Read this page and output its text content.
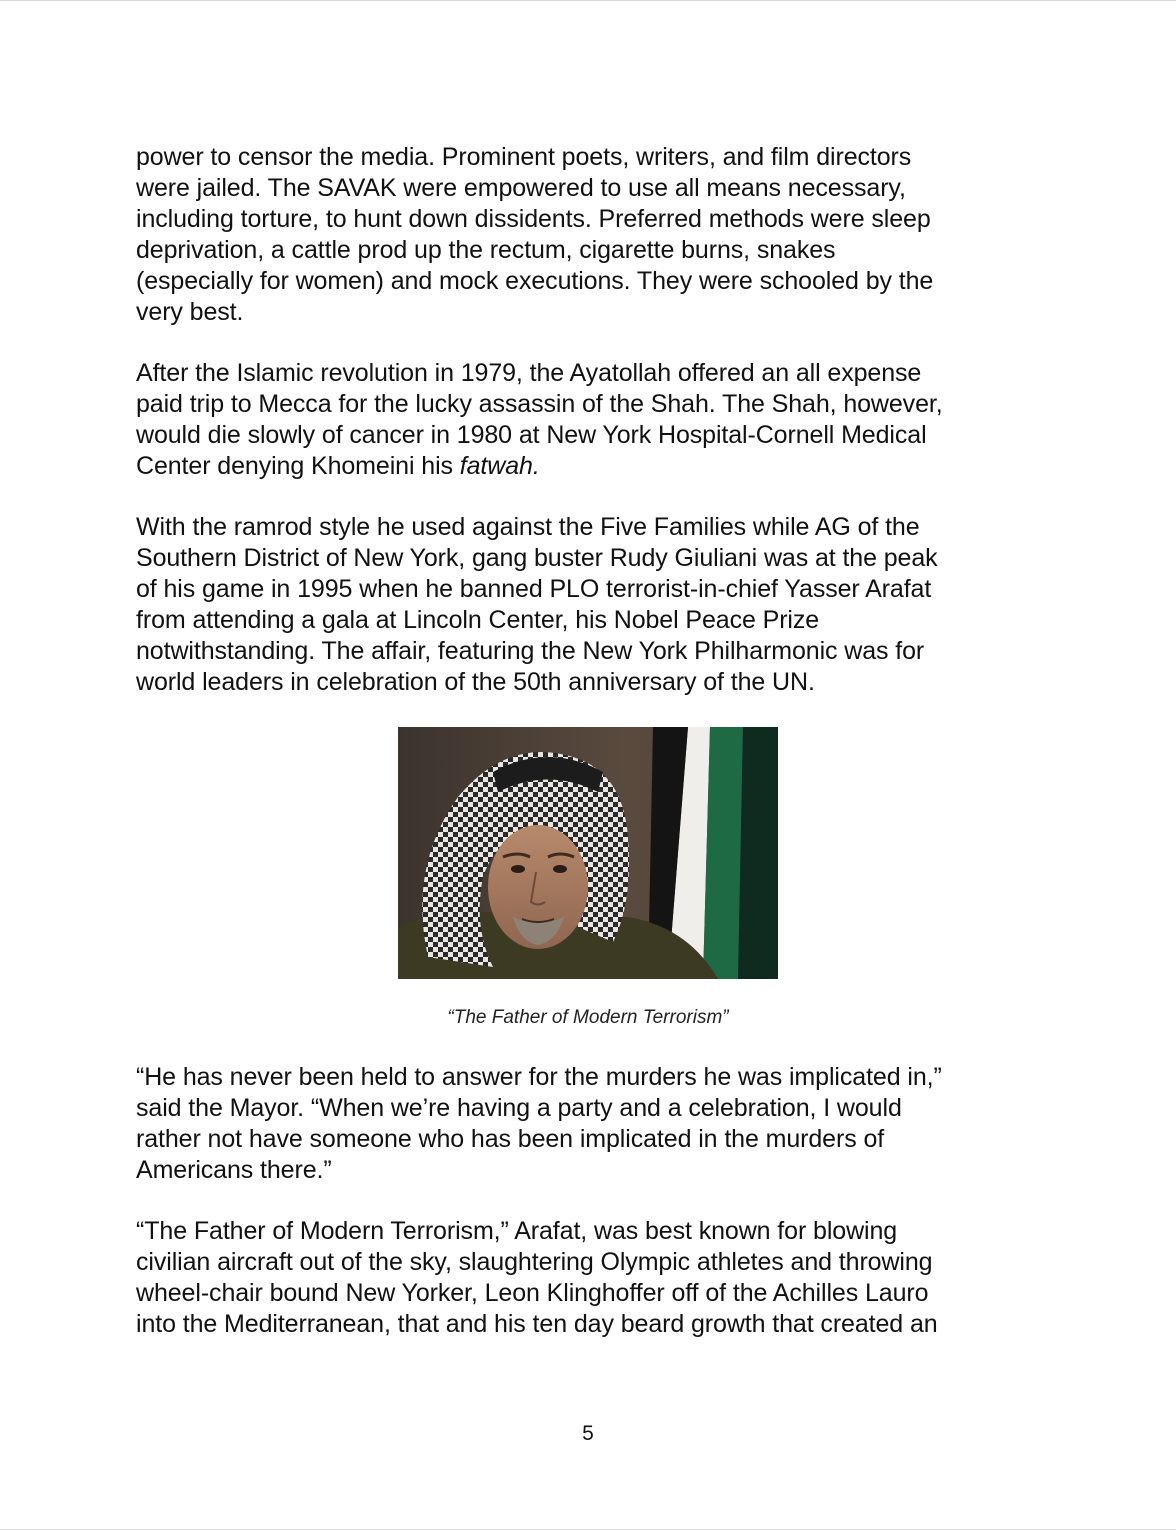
power to censor the media. Prominent poets, writers, and film directors
were jailed. The SAVAK were empowered to use all means necessary,
including torture, to hunt down dissidents. Preferred methods were sleep
deprivation, a cattle prod up the rectum, cigarette burns, snakes
(especially for women) and mock executions. They were schooled by the
very best.

After the Islamic revolution in 1979, the Ayatollah offered an all expense
paid trip to Mecca for the lucky assassin of the Shah. The Shah, however,
would die slowly of cancer in 1980 at New York Hospital-Cornell Medical
Center denying Khomeini his fatwah.

With the ramrod style he used against the Five Families while AG of the
Southern District of New York, gang buster Rudy Giuliani was at the peak
of his game in 1995 when he banned PLO terrorist-in-chief Yasser Arafat
from attending a gala at Lincoln Center, his Nobel Peace Prize
notwithstanding. The affair, featuring the New York Philharmonic was for
world leaders in celebration of the 50th anniversary of the UN.

“The Father of Modern Terrorism”

“He has never been held to answer for the murders he was implicated in,”
said the Mayor. “When we’re having a party and a celebration, I would
rather not have someone who has been implicated in the murders of
Americans there.”

“The Father of Modern Terrorism,” Arafat, was best known for blowing
civilian aircraft out of the sky, slaughtering Olympic athletes and throwing
wheel-chair bound New Yorker, Leon Klinghoffer off of the Achilles Lauro
into the Mediterranean, that and his ten day beard growth that created an

5
